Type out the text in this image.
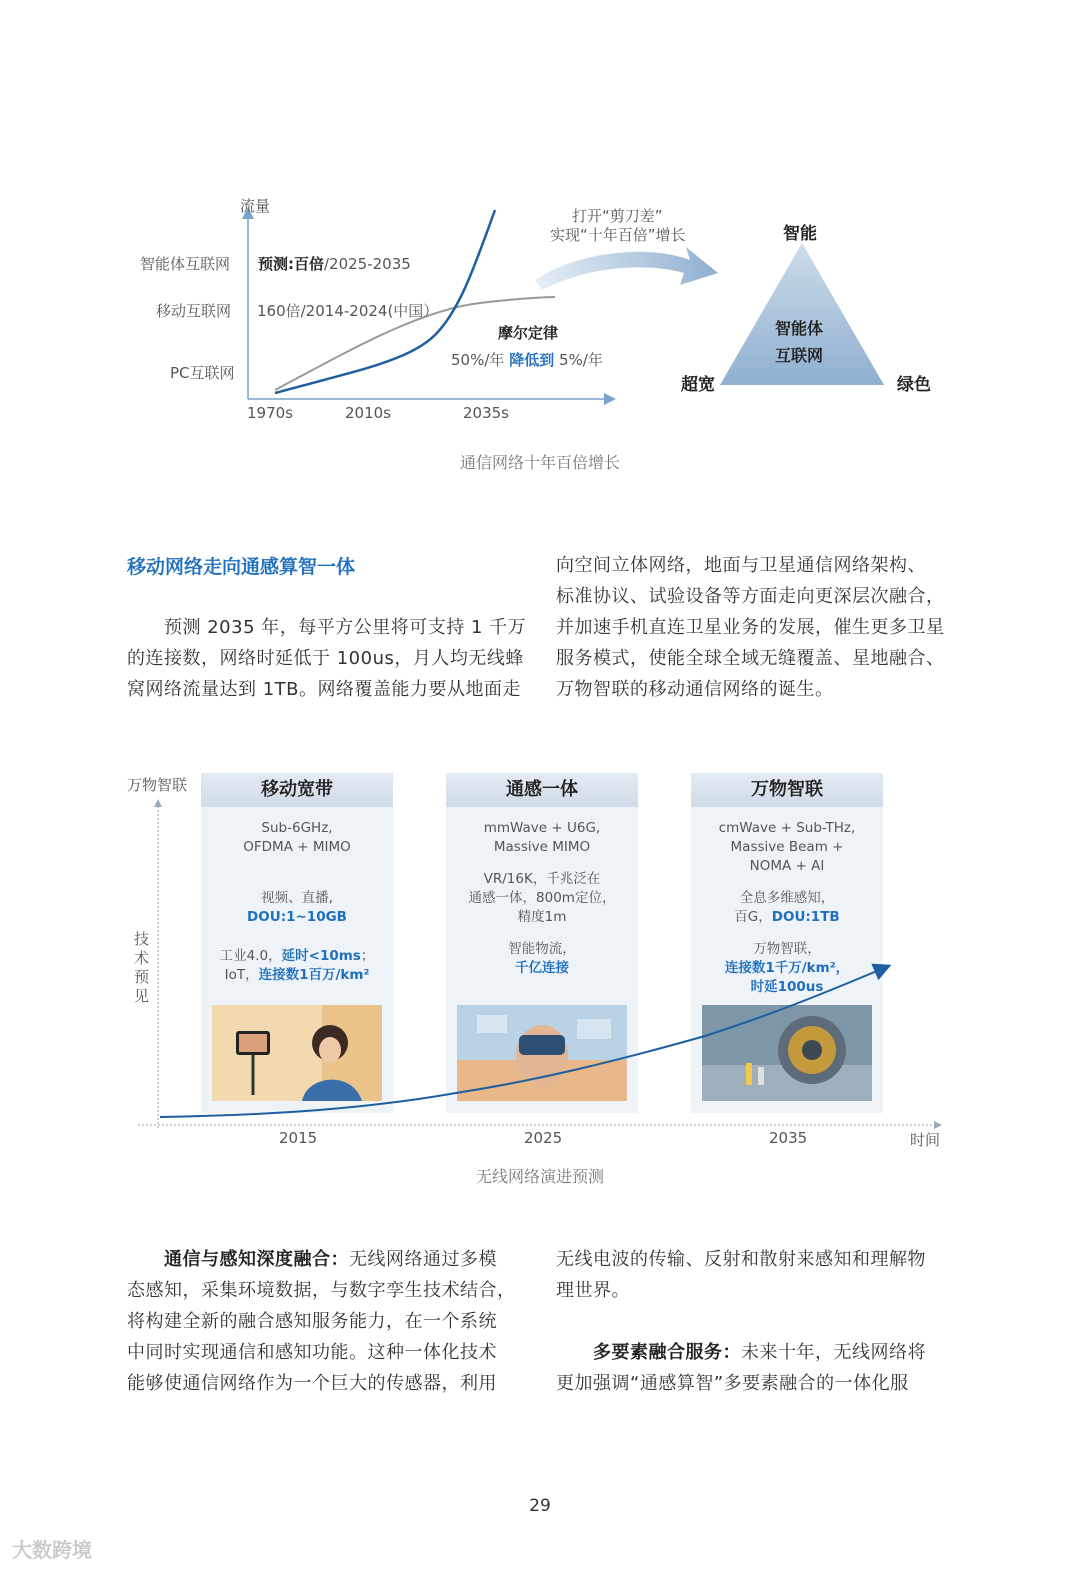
流量
智能体互联网
移动互联网
PC互联网
预测:百倍/2025-2035
160倍/2014-2024(中国）
摩尔定律
50%/年 降低到 5%/年
1970s	2010s	2035s
打开“剪刀差”
实现“十年百倍”增长	智能
超宽	绿色
智能体
互联网
通信网络十年百倍增长
移动网络走向通感算智一体
　　预测 2035 年，每平方公里将可支持 1 千万
的连接数，网络时延低于 100us，月人均无线蜂
窝网络流量达到 1TB。网络覆盖能力要从地面走
向空间立体网络，地面与卫星通信网络架构、
标准协议、试验设备等方面走向更深层次融合，
并加速手机直连卫星业务的发展，催生更多卫星
服务模式，使能全球全域无缝覆盖、星地融合、
万物智联的移动通信网络的诞生。
万物智联
技
术
预
见
移动宽带
Sub-6GHz,
OFDMA + MIMO
视频、直播,
DOU:1~10GB
工业4.0，延时<10ms；
IoT，连接数1百万/km²
通感一体
mmWave + U6G,
Massive MIMO
VR/16K，千兆泛在
通感一体，800m定位，
精度1m
智能物流，
千亿连接
万物智联
cmWave + Sub-THz,
Massive Beam +
NOMA + AI
全息多维感知，
百G，DOU:1TB
万物智联，
连接数1千万/km²，
时延100us
2015	2025	2035	时间
无线网络演进预测
　　通信与感知深度融合：无线网络通过多模
态感知，采集环境数据，与数字孪生技术结合，
将构建全新的融合感知服务能力，在一个系统
中同时实现通信和感知功能。这种一体化技术
能够使通信网络作为一个巨大的传感器，利用
无线电波的传输、反射和散射来感知和理解物
理世界。
　　多要素融合服务：未来十年，无线网络将
更加强调“通感算智”多要素融合的一体化服
29
大数跨境
